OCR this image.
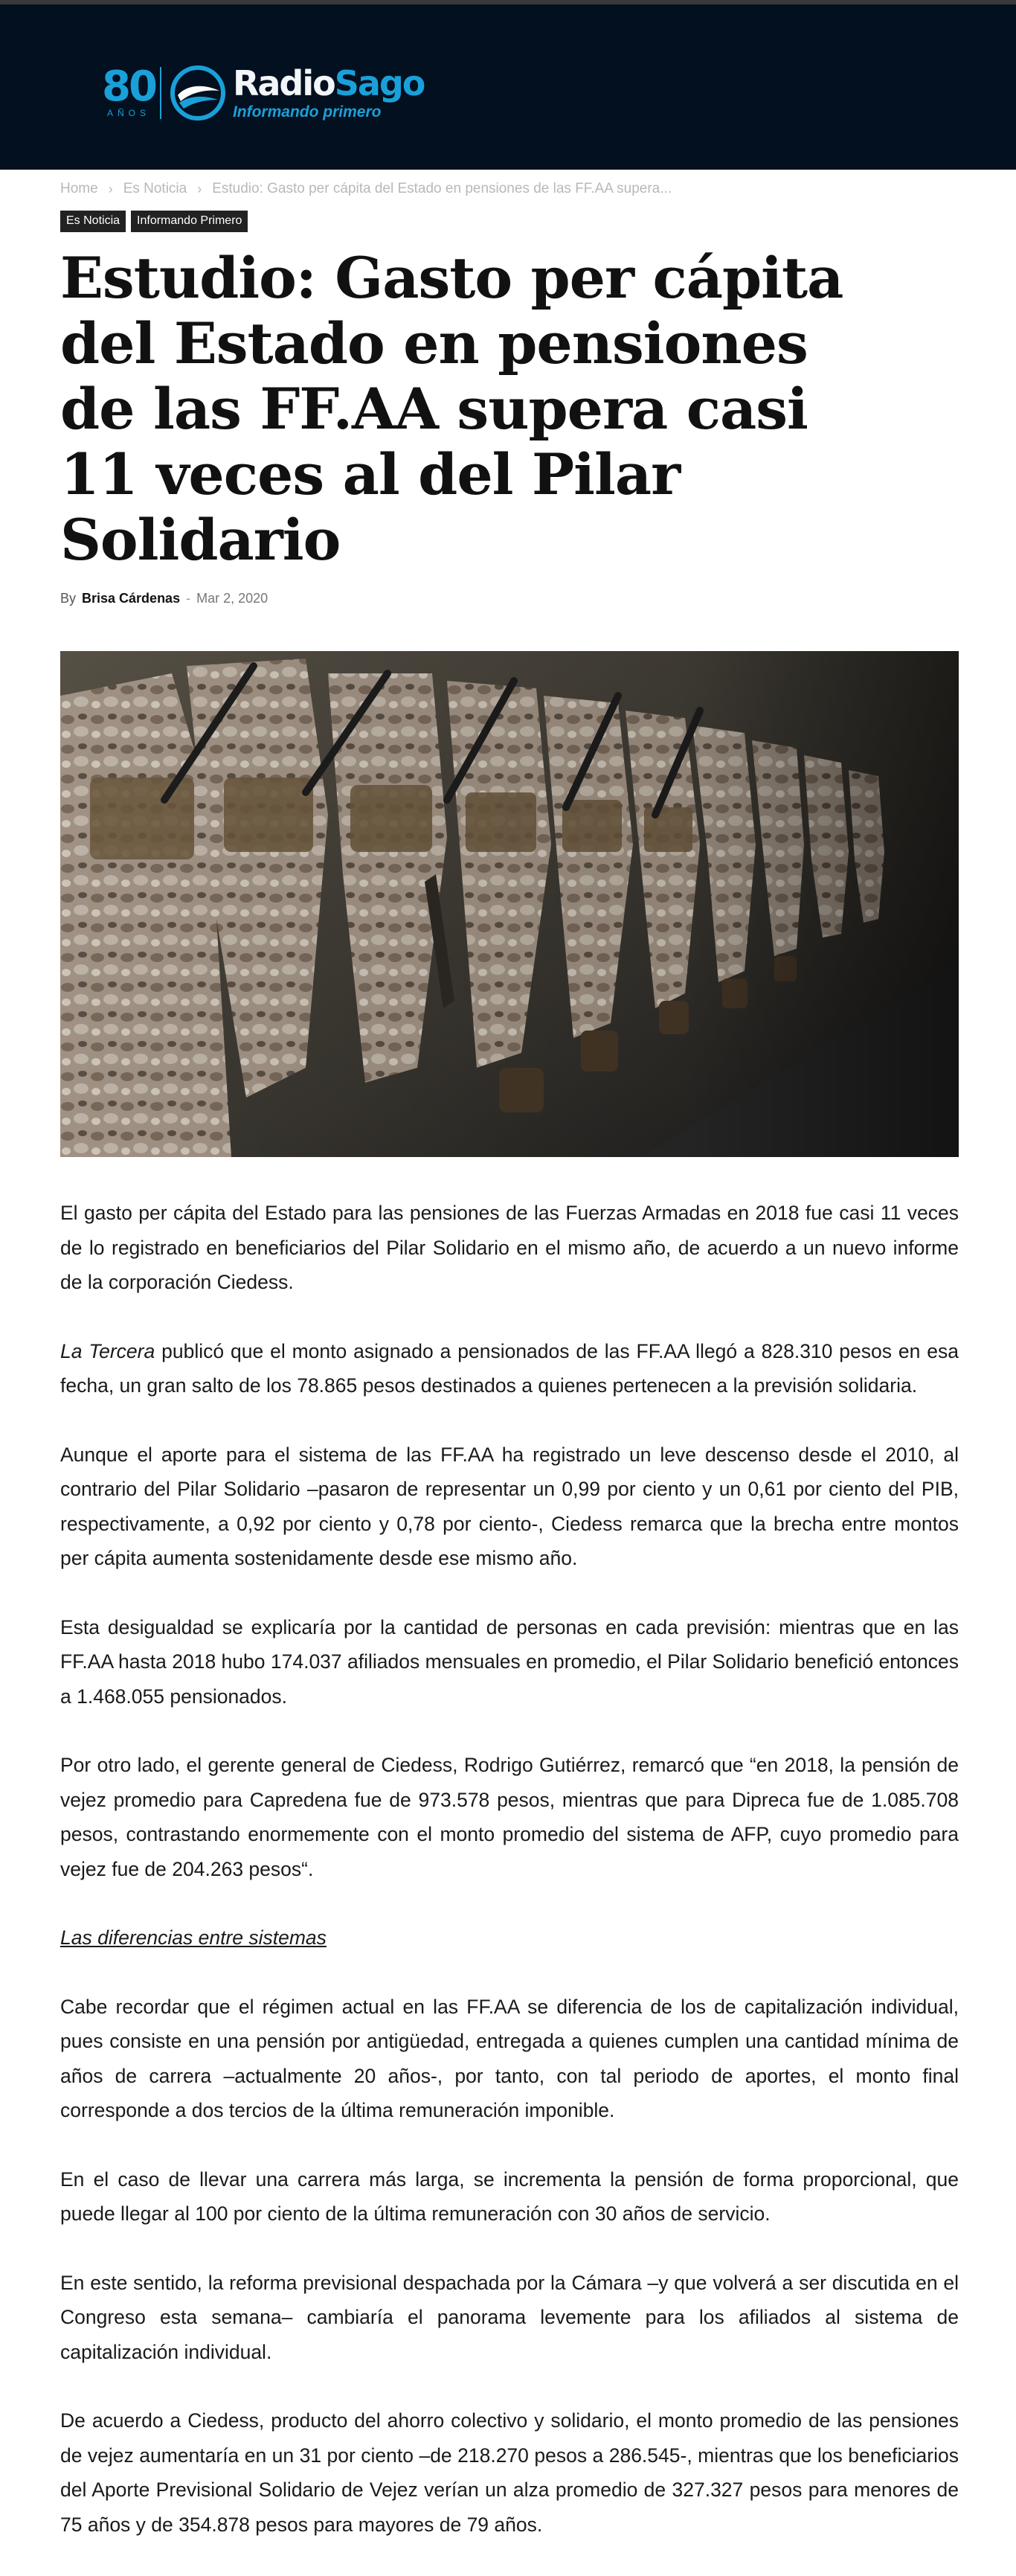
80
AÑOS
RadioSago
Informando primero
Home › Es Noticia › Estudio: Gasto per cápita del Estado en pensiones de las FF.AA supera...
Es Noticia	Informando Primero
Estudio: Gasto per cápita del Estado en pensiones de las FF.AA supera casi 11 veces al del Pilar Solidario
By Brisa Cárdenas - Mar 2, 2020

El gasto per cápita del Estado para las pensiones de las Fuerzas Armadas en 2018 fue casi 11 veces de lo registrado en beneficiarios del Pilar Solidario en el mismo año, de acuerdo a un nuevo informe de la corporación Ciedess.

La Tercera publicó que el monto asignado a pensionados de las FF.AA llegó a 828.310 pesos en esa fecha, un gran salto de los 78.865 pesos destinados a quienes pertenecen a la previsión solidaria.

Aunque el aporte para el sistema de las FF.AA ha registrado un leve descenso desde el 2010, al contrario del Pilar Solidario –pasaron de representar un 0,99 por ciento y un 0,61 por ciento del PIB, respectivamente, a 0,92 por ciento y 0,78 por ciento-, Ciedess remarca que la brecha entre montos per cápita aumenta sostenidamente desde ese mismo año.

Esta desigualdad se explicaría por la cantidad de personas en cada previsión: mientras que en las FF.AA hasta 2018 hubo 174.037 afiliados mensuales en promedio, el Pilar Solidario benefició entonces a 1.468.055 pensionados.

Por otro lado, el gerente general de Ciedess, Rodrigo Gutiérrez, remarcó que “en 2018, la pensión de vejez promedio para Capredena fue de 973.578 pesos, mientras que para Dipreca fue de 1.085.708 pesos, contrastando enormemente con el monto promedio del sistema de AFP, cuyo promedio para vejez fue de 204.263 pesos“.

Las diferencias entre sistemas

Cabe recordar que el régimen actual en las FF.AA se diferencia de los de capitalización individual, pues consiste en una pensión por antigüedad, entregada a quienes cumplen una cantidad mínima de años de carrera –actualmente 20 años-, por tanto, con tal periodo de aportes, el monto final corresponde a dos tercios de la última remuneración imponible.

En el caso de llevar una carrera más larga, se incrementa la pensión de forma proporcional, que puede llegar al 100 por ciento de la última remuneración con 30 años de servicio.

En este sentido, la reforma previsional despachada por la Cámara –y que volverá a ser discutida en el Congreso esta semana– cambiaría el panorama levemente para los afiliados al sistema de capitalización individual.

De acuerdo a Ciedess, producto del ahorro colectivo y solidario, el monto promedio de las pensiones de vejez aumentaría en un 31 por ciento –de 218.270 pesos a 286.545-, mientras que los beneficiarios del Aporte Previsional Solidario de Vejez verían un alza promedio de 327.327 pesos para menores de 75 años y de 354.878 pesos para mayores de 79 años.
